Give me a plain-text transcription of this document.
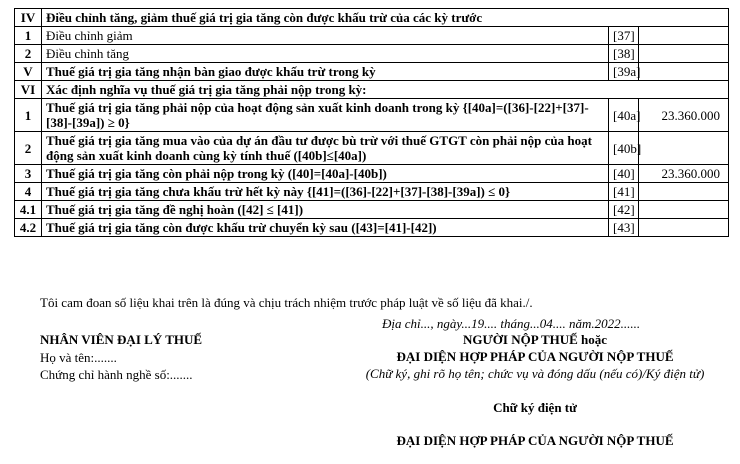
IV	Điều chỉnh tăng, giảm thuế giá trị gia tăng còn được khấu trừ của các kỳ trước		
1	Điều chỉnh giảm	[37]	
2	Điều chỉnh tăng	[38]	
V	Thuế giá trị gia tăng nhận bàn giao được khấu trừ trong kỳ	[39a]	
VI	Xác định nghĩa vụ thuế giá trị gia tăng phải nộp trong kỳ:		
1	Thuế giá trị gia tăng phải nộp của hoạt động sản xuất kinh doanh trong kỳ {[40a]=([36]-[22]+[37]-[38]-[39a]) ≥ 0}	[40a]	23.360.000
2	Thuế giá trị gia tăng mua vào của dự án đầu tư được bù trừ với thuế GTGT còn phải nộp của hoạt động sản xuất kinh doanh cùng kỳ tính thuế ([40b]≤[40a])	[40b]	
3	Thuế giá trị gia tăng còn phải nộp trong kỳ ([40]=[40a]-[40b])	[40]	23.360.000
4	Thuế giá trị gia tăng chưa khấu trừ hết kỳ này {[41]=([36]-[22]+[37]-[38]-[39a]) ≤ 0}	[41]	
4.1	Thuế giá trị gia tăng đề nghị hoàn ([42] ≤ [41])	[42]	
4.2	Thuế giá trị gia tăng còn được khấu trừ chuyển kỳ sau ([43]=[41]-[42])	[43]	
Tôi cam đoan số liệu khai trên là đúng và chịu trách nhiệm trước pháp luật về số liệu đã khai./.
Địa chỉ..., ngày...19.... tháng...04.... năm.2022......
NHÂN VIÊN ĐẠI LÝ THUẾ
Họ và tên:.......
Chứng chỉ hành nghề số:.......
NGƯỜI NỘP THUẾ hoặc
ĐẠI DIỆN HỢP PHÁP CỦA NGƯỜI NỘP THUẾ
(Chữ ký, ghi rõ họ tên; chức vụ và đóng dấu (nếu có)/Ký điện tử)
Chữ ký điện tử
ĐẠI DIỆN HỢP PHÁP CỦA NGƯỜI NỘP THUẾ
